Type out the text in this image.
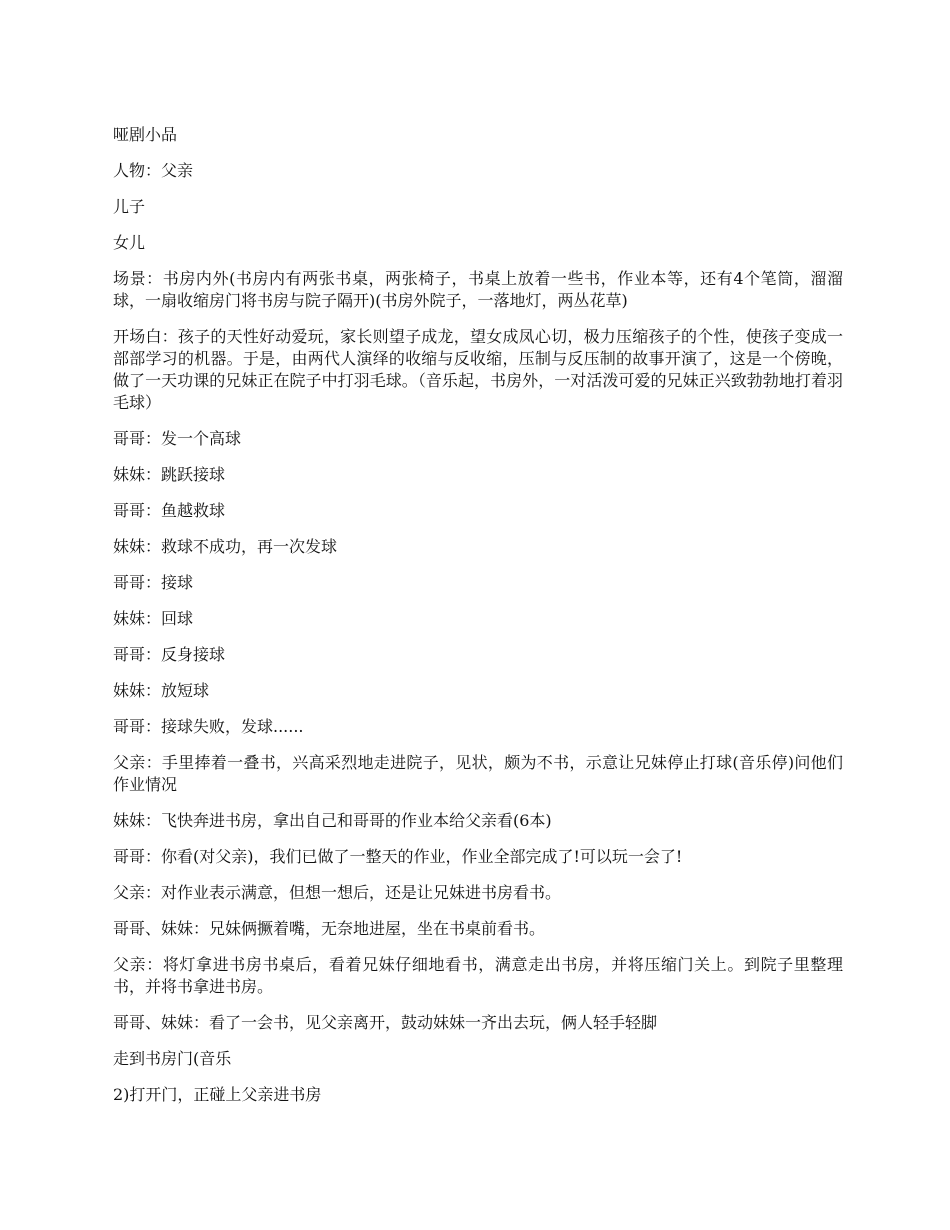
哑剧小品

人物：父亲

儿子

女儿

场景：书房内外(书房内有两张书桌，两张椅子，书桌上放着一些书，作业本等，还有4个笔筒，溜溜球，一扇收缩房门将书房与院子隔开)(书房外院子，一落地灯，两丛花草)

开场白：孩子的天性好动爱玩，家长则望子成龙，望女成凤心切，极力压缩孩子的个性，使孩子变成一部部学习的机器。于是，由两代人演绎的收缩与反收缩，压制与反压制的故事开演了，这是一个傍晚，做了一天功课的兄妹正在院子中打羽毛球。（音乐起，书房外，一对活泼可爱的兄妹正兴致勃勃地打着羽毛球）

哥哥：发一个高球

妹妹：跳跃接球

哥哥：鱼越救球

妹妹：救球不成功，再一次发球

哥哥：接球

妹妹：回球

哥哥：反身接球

妹妹：放短球

哥哥：接球失败，发球......

父亲：手里捧着一叠书，兴高采烈地走进院子，见状，颇为不书，示意让兄妹停止打球(音乐停)问他们作业情况

妹妹：飞快奔进书房，拿出自己和哥哥的作业本给父亲看(6本)

哥哥：你看(对父亲)，我们已做了一整天的作业，作业全部完成了!可以玩一会了!

父亲：对作业表示满意，但想一想后，还是让兄妹进书房看书。

哥哥、妹妹：兄妹俩撅着嘴，无奈地进屋，坐在书桌前看书。

父亲：将灯拿进书房书桌后，看着兄妹仔细地看书，满意走出书房，并将压缩门关上。到院子里整理书，并将书拿进书房。

哥哥、妹妹：看了一会书，见父亲离开，鼓动妹妹一齐出去玩，俩人轻手轻脚

走到书房门(音乐

2)打开门，正碰上父亲进书房
